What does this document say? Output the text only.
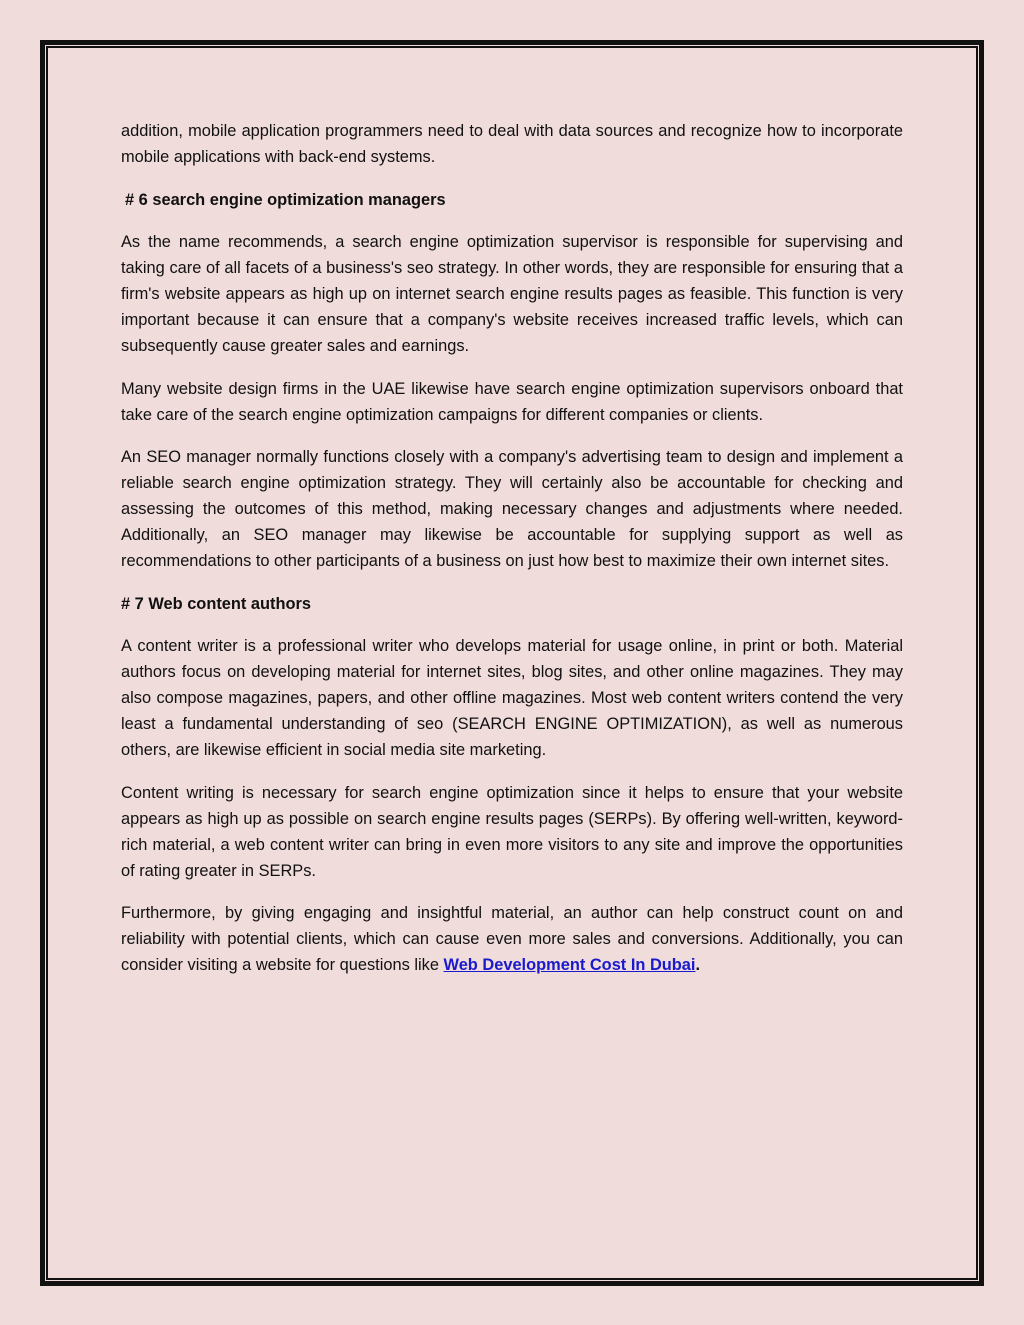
addition, mobile application programmers need to deal with data sources and recognize how to incorporate mobile applications with back-end systems.

# 6 search engine optimization managers

As the name recommends, a search engine optimization supervisor is responsible for supervising and taking care of all facets of a business's seo strategy. In other words, they are responsible for ensuring that a firm's website appears as high up on internet search engine results pages as feasible. This function is very important because it can ensure that a company's website receives increased traffic levels, which can subsequently cause greater sales and earnings.

Many website design firms in the UAE likewise have search engine optimization supervisors onboard that take care of the search engine optimization campaigns for different companies or clients.

An SEO manager normally functions closely with a company's advertising team to design and implement a reliable search engine optimization strategy. They will certainly also be accountable for checking and assessing the outcomes of this method, making necessary changes and adjustments where needed. Additionally, an SEO manager may likewise be accountable for supplying support as well as recommendations to other participants of a business on just how best to maximize their own internet sites.

# 7 Web content authors

A content writer is a professional writer who develops material for usage online, in print or both. Material authors focus on developing material for internet sites, blog sites, and other online magazines. They may also compose magazines, papers, and other offline magazines. Most web content writers contend the very least a fundamental understanding of seo (SEARCH ENGINE OPTIMIZATION), as well as numerous others, are likewise efficient in social media site marketing.

Content writing is necessary for search engine optimization since it helps to ensure that your website appears as high up as possible on search engine results pages (SERPs). By offering well-written, keyword-rich material, a web content writer can bring in even more visitors to any site and improve the opportunities of rating greater in SERPs.

Furthermore, by giving engaging and insightful material, an author can help construct count on and reliability with potential clients, which can cause even more sales and conversions. Additionally, you can consider visiting a website for questions like Web Development Cost In Dubai.
